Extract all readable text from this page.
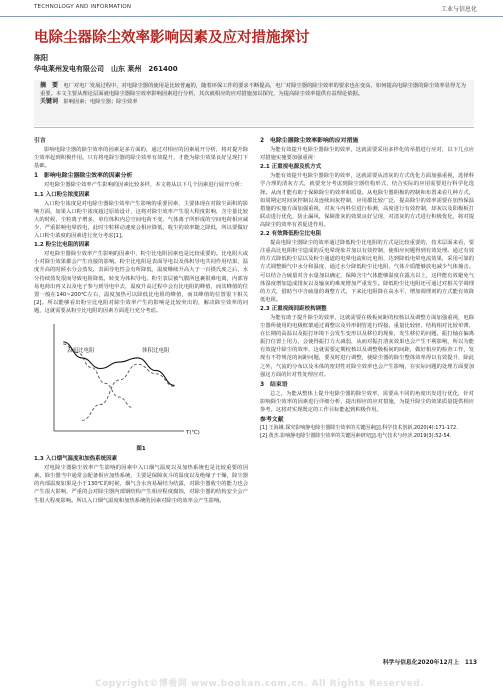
TECHNOLOGY AND INFORMATION	工业与信息化
电除尘器除尘效率影响因素及应对措施探讨
陈阳
华电莱州发电有限公司　山东 莱州　261400
摘　要　 电厂对电厂发展过程中，对电除尘器的使用是比较普遍的，随着环保工作的要求不断提高，电厂对除尘器的除尘效率的要求也在变高，如何提高电除尘器的除尘效率显得尤为重要。本文主要从理论层面就电除尘器除尘效率影响因素进行分析，其次就相应的应对措施加以探究，为提高除尘效率提供有益理论依据。
关键词　 影响因素；电除尘器；除尘效率
引言

影响电除尘器的除尘效率的因素是多方面的，通过对相应的因素展开分析，将对提升除尘效率起到积极作用。只有将电除尘器的除尘效率有效提升，才能为除尘效果良好呈现打下基础。

1　影响电除尘器除尘效率的因素分析

对电除尘器除尘效率产生影响的因素比较多样，本文将从以下几个因素进行展开分析：

1.1 入口粉尘浓度因素

入口粉尘浓度是对电除尘器除尘效率产生影响的重要因素，主要体现在对除尘面积的影响方面，如果入口粉尘浓度超过原始设计，这将对除尘效率产生很大程度影响，含尘量比较大的时候，尘粒离子增多，单位体积内总空间电荷不变，气体离子所形成的空间电荷相应减少，严重影响电晕放电，此时尘粒移动速度会相应降低，收尘的效率随之降低，所以要做好入口粉尘浓度的因素进行充分考虑[1]。

1.2 粉尘比电阻的因素

对电除尘器除尘效率产生影响的因素中，粉尘比电阻因素也是比较重要的。比电阻大或小对除尘效果都会产生直接的影响。粉尘比电阻是表面导电以及体积导电共同作用结果，温度升高的时候水分会蒸发，表面导电性会有所降低，温度继续升高大于一百摄氏度之后，水分持续蒸发很而导致电阻降低，转变为体积导电。粉尘表层被气膜所包裹很难电离，内部容易电荷出再又以及电子参与到导电中去，温度升高过程中会有比电阻的峰值，而其峰值的位置一般在140~200℃左右，温度加热可以降低比电阻的峰值，而其峰值的位置很下相关[2]。所以能够看出粉尘比电阻对除尘效率产生的影响是比较突出的，解决除尘效率的问题，这就需要从粉尘比电阻的因素方面进行充分考虑。

表面比电阻	体积比电阻
T(℃)
图1
1.3 入口烟气温度和加热系统因素

对电除尘器除尘效率产生影响的因素中入口烟气温度以及加热系统也是比较重要的因素。除尘器当中通常会配备相应加热系统，主要是保障灰斗的温度以及绝缘子干燥，除尘器的内部温度如果是小于130℃的时候，烟气含水容易凝结为结露，对除尘器收尘的能力也会产生很大影响，严重的会对除尘器内部钢结构产生相应程度腐蚀，对除尘器的结构安全会产生很大程度影响。所以入口烟气温度和加热系统的因素对除尘的效率会产生影响。

2　电除尘器除尘效率影响的应对措施

为能有效提升电除尘器除尘的效率，这就需要采用多样化的举措进行应对，以下几点应对措施实施要加强重视：

2.1 正重视电源及机方式

为能有效提升电除尘器除尘的效率，这就需要从清灰的方式优化方面加强重视，选择科学合理的清灰方式，就要充分考虑到除尘器结构形式、结合实际的应用需要进行科学化选择。从而才能有助于保障除尘的效率和质量。从电除尘器阴极的控制和布置来看几种方式，如周期定时间灰控制以及连续间灰控制，应用都比较广泛，提高除尘的效率需要在加热保温措施的实施方面加强重视，对灰斗内料位进行检测，高度进行有效控制，却灰以及阳极板打联动进行优化，防止漏风，保障排灰的效果良好呈现，对清灰的方式进行积极优化，将对提高除尘的效率有着促进作用。

2.2 有效降低粉尘比电阻

提高电除尘器除尘的效率通过降低粉尘比电阻的方式是比较重要的，技术层面来看，要注重高比电阻粉尘造成的反电晕现象并加以有效控制，使相应问题得到有效处理。通过有效的方式降低粉尘层以及粉尘通道的电晕电流和比电阻，达到降低电晕电流效果，采用可靠的方式调整烟气中水分和温度，通过水分降低粉尘比电阻，气体介质能够放电减少气体撞击。可以结合合硫量对含水量加以确定，保障含尘气体能够温度在露点以上，这样能有效避免气体湿度增加造成排灰以及输灰的难度增加严重发生。降低粉尘比电阻还可通过对相关学调理的方式，借助当中含硫量的调整方式，下来比电阻降在高水平，增加调理剂的方式能有效降低电阻。

2.3 正重视阀间距校构调整

为能有助于提升除尘的效率，这就需要在极板间距的校核以及调整方面加强重视，电除尘器所使用的电极框架通过调整以及异形钢管进行焊接，重量比较轻，结构相对比较单薄，在长期的高温以及振打环境下会发生变形以及移位的现象，发生移位的问题，振打轴在偏离振打位置上用力，会使得振打力大减弱，从而对振打清灰效果也会产生不利影响，所以为能有效提升除尘的效率，这就需要定期校核以及调整极板间的间距，做好相应的检查工作，发现有不符规范的间距问题，要及时进行调整，使除尘器的除尘整体效率得以有效提升，除此之外，气流的分布以及本体的密封性对除尘效率也会产生影响，在实际问题的处理方面要加强这方面的针对性处理应对。

3　结束语

总之，为能从整体上提升电除尘器的除尘效率，需要从不同的角度出发进行优化，针对影响除尘效率的因素进行详细分析，提出相应的应对措施，为提升除尘的效果质量提供相应参考，这将对实现既定的工作目标能起到积极作用。

参考文献

[1] 王海娥.探究影响静电除尘器除尘效率的关键因素[J].科学技术创新,2020(4):171-172.

[2] 黄杰.影响静电除尘器除尘效率的关键因素研究[J].电气技术与经济,2019(3):52-54.

科学与信息化2020年12月上　113
Copyright©博看网 www.bookan.com.cn. All Rights Reserved.
